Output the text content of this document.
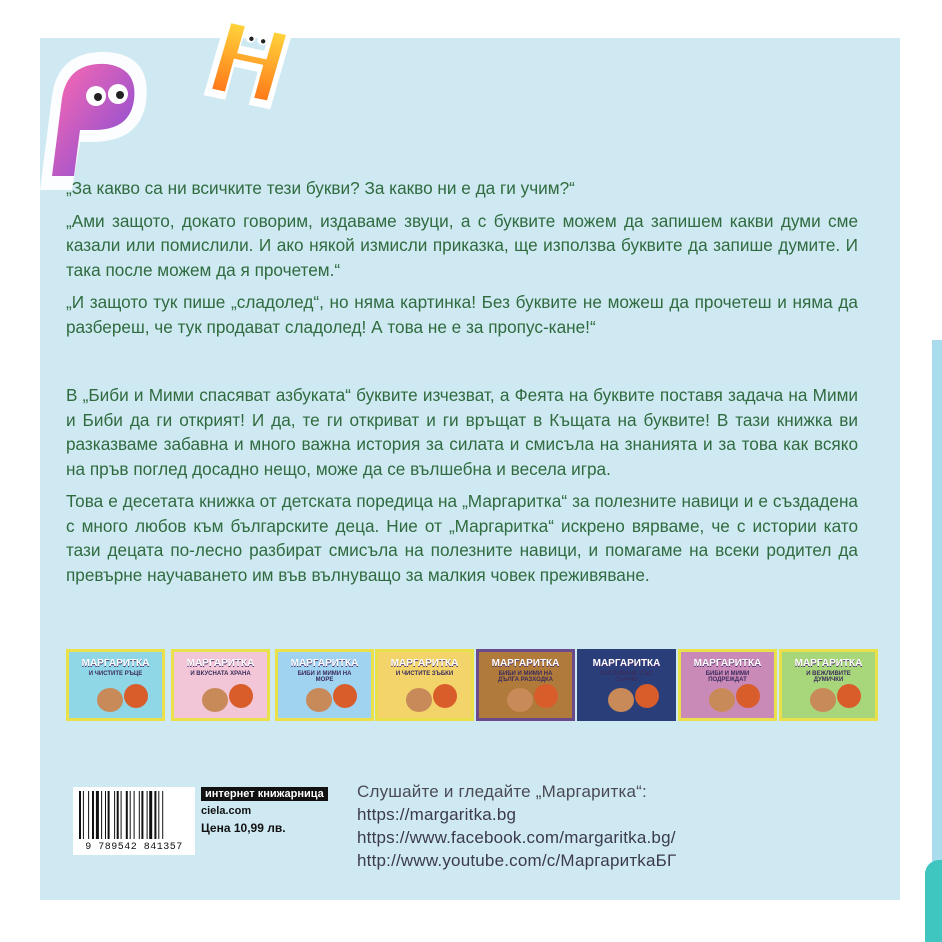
Р

„За какво са ни всичките тези букви? За какво ни е да ги учим?“

„Ами защото, докато говорим, издаваме звуци, а с буквите можем да запишем какви думи сме казали или помислили. И ако някой измисли приказка, ще използва буквите да запише думите. И така после можем да я прочетем.“

„И защото тук пише „сладолед“, но няма картинка! Без буквите не можеш да прочетеш и няма да разбереш, че тук продават сладолед! А това не е за пропус-кане!“

В „Биби и Мими спасяват азбуката“ буквите изчезват, а Феята на буквите поставя задача на Мими и Биби да ги открият! И да, те ги откриват и ги връщат в Къщата на буквите! В тази книжка ви разказваме забавна и много важна история за силата и смисъла на знанията и за това как всяко на пръв поглед досадно нещо, може да се вълшебна и весела игра.

Това е десетата книжка от детската поредица на „Маргаритка“ за полезните навици и е създадена с много любов към българските деца. Ние от „Маргаритка“ искрено вярваме, че с истории като тази децата по-лесно разбират смисъла на полезните навици, и помагаме на всеки родител да превърне научаването им във вълнуващо за малкия човек преживяване.

МАРГАРИТКА
И ЧИСТИТЕ РЪЦЕ
МАРГАРИТКА
И ВКУСНАТА ХРАНА
МАРГАРИТКА
БИБИ И МИМИ НА МОРЕ
МАРГАРИТКА
И ЧИСТИТЕ ЗЪБКИ
МАРГАРИТКА
БИБИ И МИМИ НА ДЪЛГА РАЗХОДКА
МАРГАРИТКА
ЗАСПИВАНЕ СЪС СЪНЧО
МАРГАРИТКА
БИБИ И МИМИ ПОДРЕЖДАТ
МАРГАРИТКА
И ВЕЖЛИВИТЕ ДУМИЧКИ
9 789542 841357
интернет книжарница
ciela.com
Цена 10,99 лв.
Слушайте и гледайте „Маргаритка“:
https://margaritka.bg
https://www.facebook.com/margaritka.bg/
http://www.youtube.com/c/МаргаритkaБГ
